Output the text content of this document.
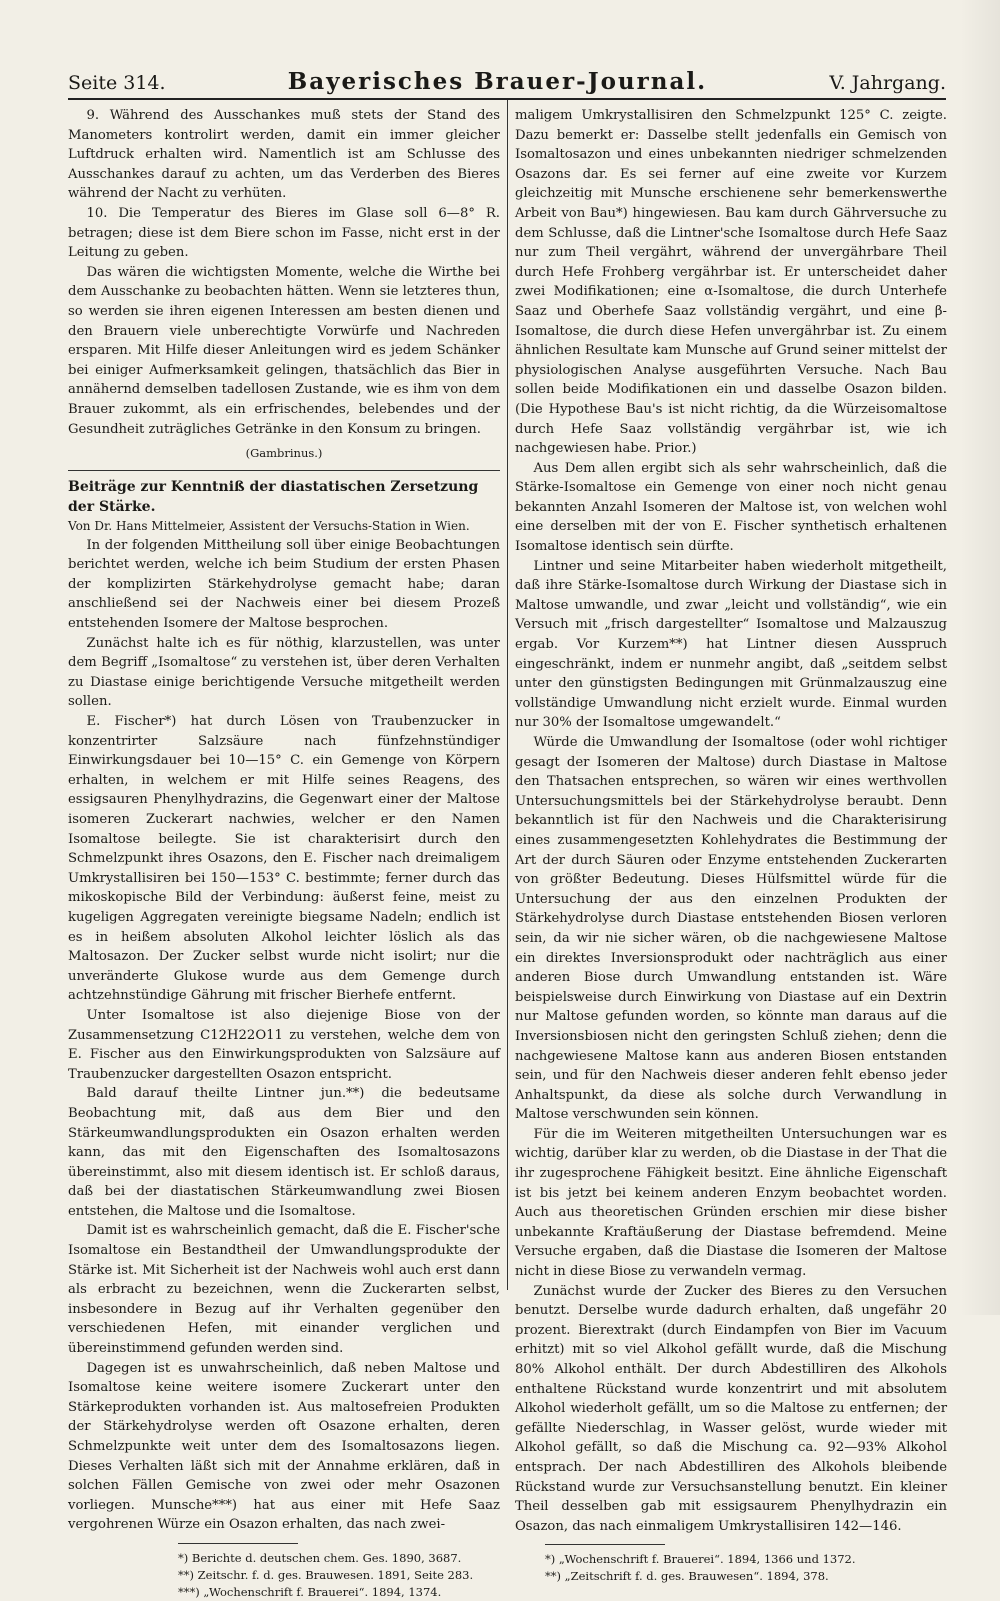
Seite 314.	Bayerisches Brauer-Journal.	V. Jahrgang.

9. Während des Ausschankes muß stets der Stand des Manometers kontrolirt werden, damit ein immer gleicher Luftdruck erhalten wird. Namentlich ist am Schlusse des Ausschankes darauf zu achten, um das Verderben des Bieres während der Nacht zu verhüten.

10. Die Temperatur des Bieres im Glase soll 6—8° R. betragen; diese ist dem Biere schon im Fasse, nicht erst in der Leitung zu geben.

Das wären die wichtigsten Momente, welche die Wirthe bei dem Ausschanke zu beobachten hätten. Wenn sie letzteres thun, so werden sie ihren eigenen Interessen am besten dienen und den Brauern viele unberechtigte Vorwürfe und Nachreden ersparen. Mit Hilfe dieser Anleitungen wird es jedem Schänker bei einiger Aufmerksamkeit gelingen, thatsächlich das Bier in annähernd demselben tadellosen Zustande, wie es ihm von dem Brauer zukommt, als ein erfrischendes, belebendes und der Gesundheit zuträgliches Getränke in den Konsum zu bringen.

(Gambrinus.)
Beiträge zur Kenntniß der diastatischen Zersetzung der Stärke.
Von Dr. Hans Mittelmeier, Assistent der Versuchs-Station in Wien.

In der folgenden Mittheilung soll über einige Beobachtungen berichtet werden, welche ich beim Studium der ersten Phasen der komplizirten Stärkehydrolyse gemacht habe; daran anschließend sei der Nachweis einer bei diesem Prozeß entstehenden Isomere der Maltose besprochen.

Zunächst halte ich es für nöthig, klarzustellen, was unter dem Begriff „Isomaltose“ zu verstehen ist, über deren Verhalten zu Diastase einige berichtigende Versuche mitgetheilt werden sollen.

E. Fischer*) hat durch Lösen von Traubenzucker in konzentrirter Salzsäure nach fünfzehnstündiger Einwirkungsdauer bei 10—15° C. ein Gemenge von Körpern erhalten, in welchem er mit Hilfe seines Reagens, des essigsauren Phenylhydrazins, die Gegenwart einer der Maltose isomeren Zuckerart nachwies, welcher er den Namen Isomaltose beilegte. Sie ist charakterisirt durch den Schmelzpunkt ihres Osazons, den E. Fischer nach dreimaligem Umkrystallisiren bei 150—153° C. bestimmte; ferner durch das mikoskopische Bild der Verbindung: äußerst feine, meist zu kugeligen Aggregaten vereinigte biegsame Nadeln; endlich ist es in heißem absoluten Alkohol leichter löslich als das Maltosazon. Der Zucker selbst wurde nicht isolirt; nur die unveränderte Glukose wurde aus dem Gemenge durch achtzehnstündige Gährung mit frischer Bierhefe entfernt.

Unter Isomaltose ist also diejenige Biose von der Zusammensetzung C12H22O11 zu verstehen, welche dem von E. Fischer aus den Einwirkungsprodukten von Salzsäure auf Traubenzucker dargestellten Osazon entspricht.

Bald darauf theilte Lintner jun.**) die bedeutsame Beobachtung mit, daß aus dem Bier und den Stärkeumwandlungsprodukten ein Osazon erhalten werden kann, das mit den Eigenschaften des Isomaltosazons übereinstimmt, also mit diesem identisch ist. Er schloß daraus, daß bei der diastatischen Stärkeumwandlung zwei Biosen entstehen, die Maltose und die Isomaltose.

Damit ist es wahrscheinlich gemacht, daß die E. Fischer'sche Isomaltose ein Bestandtheil der Umwandlungsprodukte der Stärke ist. Mit Sicherheit ist der Nachweis wohl auch erst dann als erbracht zu bezeichnen, wenn die Zuckerarten selbst, insbesondere in Bezug auf ihr Verhalten gegenüber den verschiedenen Hefen, mit einander verglichen und übereinstimmend gefunden werden sind.

Dagegen ist es unwahrscheinlich, daß neben Maltose und Isomaltose keine weitere isomere Zuckerart unter den Stärkeprodukten vorhanden ist. Aus maltosefreien Produkten der Stärkehydrolyse werden oft Osazone erhalten, deren Schmelzpunkte weit unter dem des Isomaltosazons liegen. Dieses Verhalten läßt sich mit der Annahme erklären, daß in solchen Fällen Gemische von zwei oder mehr Osazonen vorliegen. Munsche***) hat aus einer mit Hefe Saaz vergohrenen Würze ein Osazon erhalten, das nach zwei-

*) Berichte d. deutschen chem. Ges. 1890, 3687.
**) Zeitschr. f. d. ges. Brauwesen. 1891, Seite 283.
***) „Wochenschrift f. Brauerei“. 1894, 1374.

maligem Umkrystallisiren den Schmelzpunkt 125° C. zeigte. Dazu bemerkt er: Dasselbe stellt jedenfalls ein Gemisch von Isomaltosazon und eines unbekannten niedriger schmelzenden Osazons dar. Es sei ferner auf eine zweite vor Kurzem gleichzeitig mit Munsche erschienene sehr bemerkenswerthe Arbeit von Bau*) hingewiesen. Bau kam durch Gährversuche zu dem Schlusse, daß die Lintner'sche Isomaltose durch Hefe Saaz nur zum Theil vergährt, während der unvergährbare Theil durch Hefe Frohberg vergährbar ist. Er unterscheidet daher zwei Modifikationen; eine α-Isomaltose, die durch Unterhefe Saaz und Oberhefe Saaz vollständig vergährt, und eine β-Isomaltose, die durch diese Hefen unvergährbar ist. Zu einem ähnlichen Resultate kam Munsche auf Grund seiner mittelst der physiologischen Analyse ausgeführten Versuche. Nach Bau sollen beide Modifikationen ein und dasselbe Osazon bilden. (Die Hypothese Bau's ist nicht richtig, da die Würzeisomaltose durch Hefe Saaz vollständig vergährbar ist, wie ich nachgewiesen habe. Prior.)

Aus Dem allen ergibt sich als sehr wahrscheinlich, daß die Stärke-Isomaltose ein Gemenge von einer noch nicht genau bekannten Anzahl Isomeren der Maltose ist, von welchen wohl eine derselben mit der von E. Fischer synthetisch erhaltenen Isomaltose identisch sein dürfte.

Lintner und seine Mitarbeiter haben wiederholt mitgetheilt, daß ihre Stärke-Isomaltose durch Wirkung der Diastase sich in Maltose umwandle, und zwar „leicht und vollständig“, wie ein Versuch mit „frisch dargestellter“ Isomaltose und Malzauszug ergab. Vor Kurzem**) hat Lintner diesen Ausspruch eingeschränkt, indem er nunmehr angibt, daß „seitdem selbst unter den günstigsten Bedingungen mit Grünmalzauszug eine vollständige Umwandlung nicht erzielt wurde. Einmal wurden nur 30% der Isomaltose umgewandelt.“

Würde die Umwandlung der Isomaltose (oder wohl richtiger gesagt der Isomeren der Maltose) durch Diastase in Maltose den Thatsachen entsprechen, so wären wir eines werthvollen Untersuchungsmittels bei der Stärkehydrolyse beraubt. Denn bekanntlich ist für den Nachweis und die Charakterisirung eines zusammengesetzten Kohlehydrates die Bestimmung der Art der durch Säuren oder Enzyme entstehenden Zuckerarten von größter Bedeutung. Dieses Hülfsmittel würde für die Untersuchung der aus den einzelnen Produkten der Stärkehydrolyse durch Diastase entstehenden Biosen verloren sein, da wir nie sicher wären, ob die nachgewiesene Maltose ein direktes Inversionsprodukt oder nachträglich aus einer anderen Biose durch Umwandlung entstanden ist. Wäre beispielsweise durch Einwirkung von Diastase auf ein Dextrin nur Maltose gefunden worden, so könnte man daraus auf die Inversionsbiosen nicht den geringsten Schluß ziehen; denn die nachgewiesene Maltose kann aus anderen Biosen entstanden sein, und für den Nachweis dieser anderen fehlt ebenso jeder Anhaltspunkt, da diese als solche durch Verwandlung in Maltose verschwunden sein können.

Für die im Weiteren mitgetheilten Untersuchungen war es wichtig, darüber klar zu werden, ob die Diastase in der That die ihr zugesprochene Fähigkeit besitzt. Eine ähnliche Eigenschaft ist bis jetzt bei keinem anderen Enzym beobachtet worden. Auch aus theoretischen Gründen erschien mir diese bisher unbekannte Kraftäußerung der Diastase befremdend. Meine Versuche ergaben, daß die Diastase die Isomeren der Maltose nicht in diese Biose zu verwandeln vermag.

Zunächst wurde der Zucker des Bieres zu den Versuchen benutzt. Derselbe wurde dadurch erhalten, daß ungefähr 20 prozent. Bierextrakt (durch Eindampfen von Bier im Vacuum erhitzt) mit so viel Alkohol gefällt wurde, daß die Mischung 80% Alkohol enthält. Der durch Abdestilliren des Alkohols enthaltene Rückstand wurde konzentrirt und mit absolutem Alkohol wiederholt gefällt, um so die Maltose zu entfernen; der gefällte Niederschlag, in Wasser gelöst, wurde wieder mit Alkohol gefällt, so daß die Mischung ca. 92—93% Alkohol entsprach. Der nach Abdestilliren des Alkohols bleibende Rückstand wurde zur Versuchsanstellung benutzt. Ein kleiner Theil desselben gab mit essigsaurem Phenylhydrazin ein Osazon, das nach einmaligem Umkrystallisiren 142—146.

*) „Wochenschrift f. Brauerei“. 1894, 1366 und 1372.
**) „Zeitschrift f. d. ges. Brauwesen“. 1894, 378.
